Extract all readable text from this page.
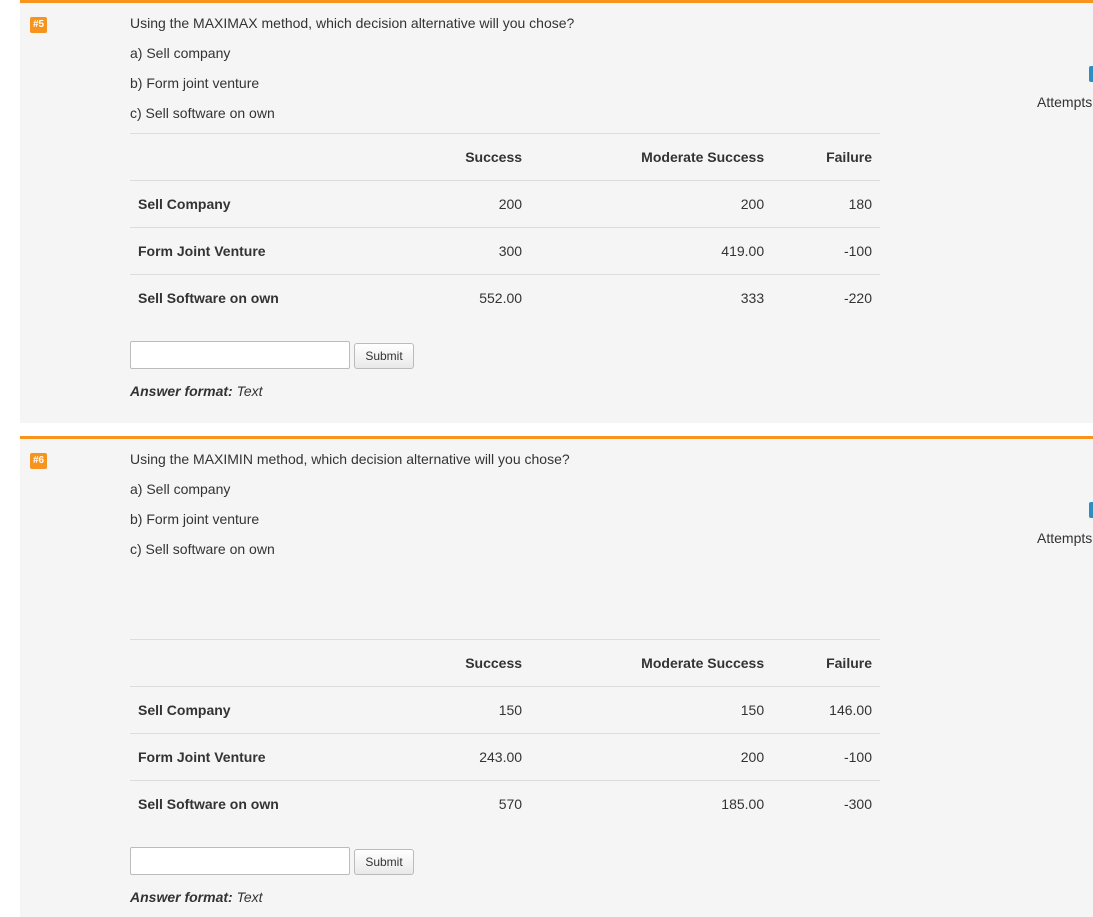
#5	Using the MAXIMAX method, which decision alternative will you chose?
a) Sell company
b) Form joint venture
c) Sell software on own
	Success	Moderate Success	Failure
Sell Company	200	200	180
Form Joint Venture	300	419.00	-100
Sell Software on own	552.00	333	-220
Submit
Answer format: Text
Attempts
#6	Using the MAXIMIN method, which decision alternative will you chose?
a) Sell company
b) Form joint venture
c) Sell software on own
	Success	Moderate Success	Failure
Sell Company	150	150	146.00
Form Joint Venture	243.00	200	-100
Sell Software on own	570	185.00	-300
Submit
Answer format: Text
Attempts
